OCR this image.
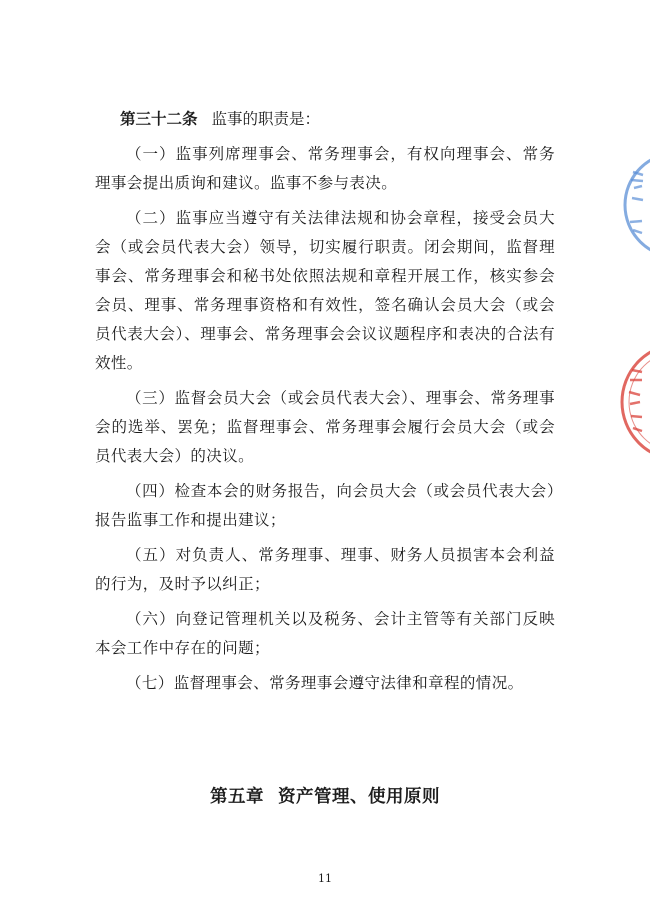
第三十二条 监事的职责是：

（一）监事列席理事会、常务理事会，有权向理事会、常务理事会提出质询和建议。监事不参与表决。

（二）监事应当遵守有关法律法规和协会章程，接受会员大会（或会员代表大会）领导，切实履行职责。闭会期间，监督理事会、常务理事会和秘书处依照法规和章程开展工作，核实参会会员、理事、常务理事资格和有效性，签名确认会员大会（或会员代表大会）、理事会、常务理事会会议议题程序和表决的合法有效性。

（三）监督会员大会（或会员代表大会）、理事会、常务理事会的选举、罢免；监督理事会、常务理事会履行会员大会（或会员代表大会）的决议。

（四）检查本会的财务报告，向会员大会（或会员代表大会）报告监事工作和提出建议；

（五）对负责人、常务理事、理事、财务人员损害本会利益的行为，及时予以纠正；

（六）向登记管理机关以及税务、会计主管等有关部门反映本会工作中存在的问题；

（七）监督理事会、常务理事会遵守法律和章程的情况。

第五章 资产管理、使用原则
11
